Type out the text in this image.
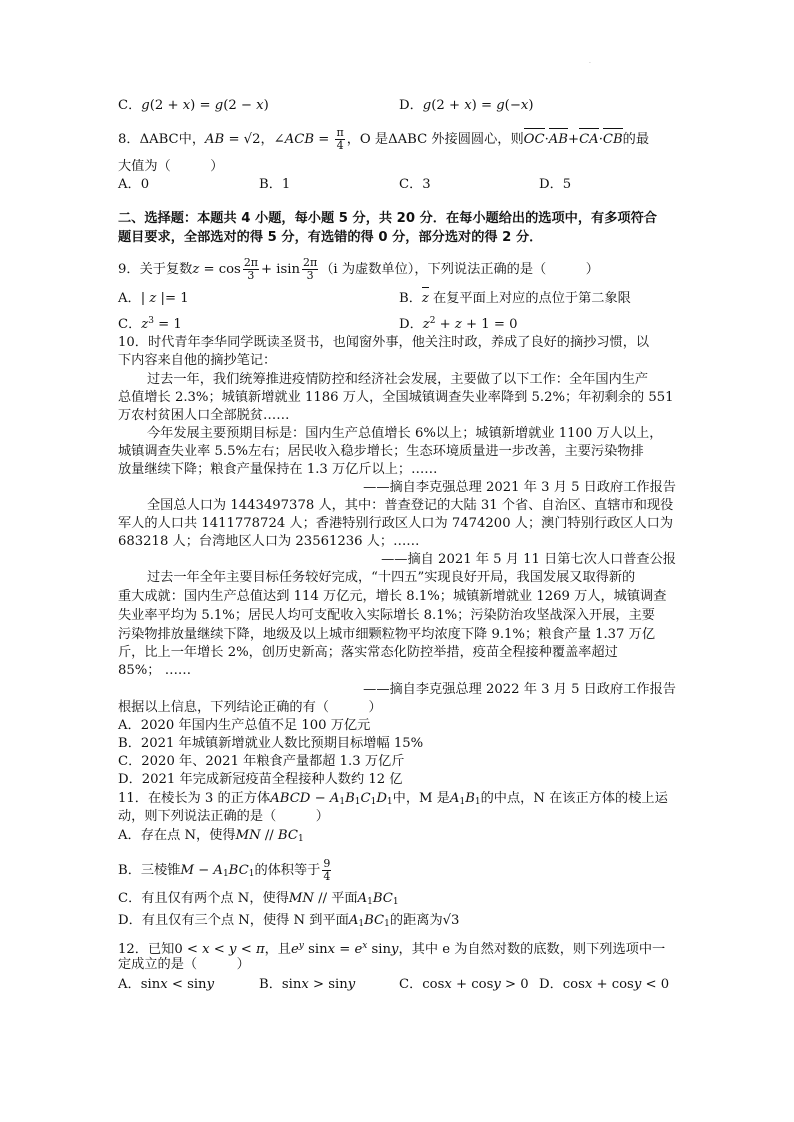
·
C．g(2 + x) = g(2 − x)	D．g(2 + x) = g(−x)
8．ΔABC中，AB = √2，∠ACB = $\frac{\pi}{4}$ ，O 是ΔABC 外接圆圆心，则OC·AB+CA·CB的最
大值为（　　　）
A．0	B．1	C．3	D．5
二、选择题：本题共 4 小题，每小题 5 分，共 20 分．在每小题给出的选项中，有多项符合
题目要求，全部选对的得 5 分，有选错的得 0 分，部分选对的得 2 分．
9．关于复数$z = \cos \frac{2\pi}{3} + isin \frac{2\pi}{3} (i$ 为虚数单位），下列说法正确的是（　　　）
A．| z |= 1	B．z 在复平面上对应的点位于第二象限
C．$z^3 = 1$	D．$z^2 + z + 1 = 0$
10．时代青年李华同学既读圣贤书，也闻窗外事，他关注时政，养成了良好的摘抄习惯，以
下内容来自他的摘抄笔记：
过去一年，我们统筹推进疫情防控和经济社会发展，主要做了以下工作：全年国内生产
总值增长 2.3%；城镇新增就业 1186 万人，全国城镇调查失业率降到 5.2%；年初剩余的 551
万农村贫困人口全部脱贫……
今年发展主要预期目标是：国内生产总值增长 6%以上；城镇新增就业 1100 万人以上，
城镇调查失业率 5.5%左右；居民收入稳步增长；生态环境质量进一步改善，主要污染物排
放量继续下降；粮食产量保持在 1.3 万亿斤以上；……
——摘自李克强总理 2021 年 3 月 5 日政府工作报告
全国总人口为 1443497378 人，其中：普查登记的大陆 31 个省、自治区、直辖市和现役
军人的人口共 1411778724 人；香港特别行政区人口为 7474200 人；澳门特别行政区人口为
683218 人；台湾地区人口为 23561236 人；……
——摘自 2021 年 5 月 11 日第七次人口普查公报
过去一年全年主要目标任务较好完成，“十四五”实现良好开局，我国发展又取得新的
重大成就：国内生产总值达到 114 万亿元，增长 8.1%；城镇新增就业 1269 万人，城镇调查
失业率平均为 5.1%；居民人均可支配收入实际增长 8.1%；污染防治攻坚战深入开展，主要
污染物排放量继续下降，地级及以上城市细颗粒物平均浓度下降 9.1%；粮食产量 1.37 万亿
斤，比上一年增长 2%，创历史新高；落实常态化防控举措，疫苗全程接种覆盖率超过
85%； ……
——摘自李克强总理 2022 年 3 月 5 日政府工作报告
根据以上信息，下列结论正确的有（　　　）
A．2020 年国内生产总值不足 100 万亿元
B．2021 年城镇新增就业人数比预期目标增幅 15%
C．2020 年、2021 年粮食产量都超 1.3 万亿斤
D．2021 年完成新冠疫苗全程接种人数约 12 亿
11．在棱长为 3 的正方体ABCD − $A_1B_1C_1D_1$中，M 是$A_1B_1$的中点，N 在该正方体的棱上运
动，则下列说法正确的是（　　　）
A．存在点 N，使得MN // $BC_1$
B．三棱锥$M - A_1BC_1$的体积等于 $\frac{9}{4}$
C．有且仅有两个点 N，使得MN // 平面$A_1BC_1$
D．有且仅有三个点 N，使得 N 到平面$A_1BC_1$的距离为√3
12．已知0 < x < y < π，且$e^y$ $\sin x = e^x$ siny，其中 e 为自然对数的底数，则下列选项中一
定成立的是（　　　）
A．sinx < siny	B．sinx > siny	C．cosx + cosy > 0 D．cosx + cosy < 0
